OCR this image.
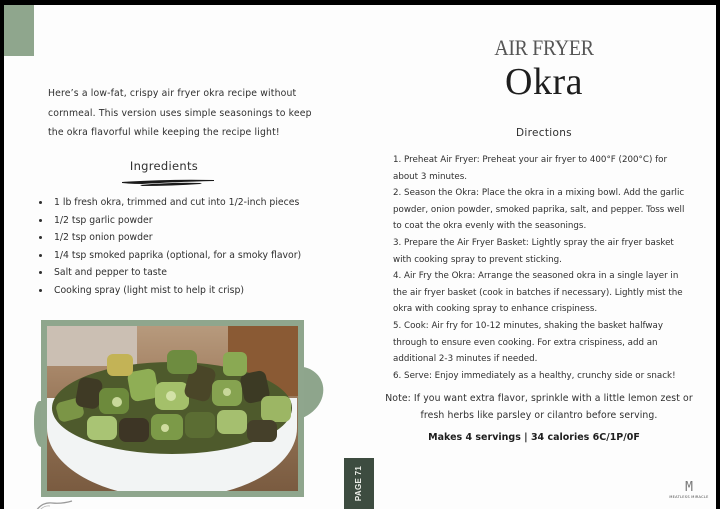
Here’s a low-fat, crispy air fryer okra recipe without cornmeal. This version uses simple seasonings to keep the okra flavorful while keeping the recipe light!

Ingredients
1 lb fresh okra, trimmed and cut into 1/2-inch pieces
1/2 tsp garlic powder
1/2 tsp onion powder
1/4 tsp smoked paprika (optional, for a smoky flavor)
Salt and pepper to taste
Cooking spray (light mist to help it crisp)
PAGE 71
AIR FRYER
Okra
Directions

1. Preheat Air Fryer: Preheat your air fryer to 400°F (200°C) for about 3 minutes.

2. Season the Okra: Place the okra in a mixing bowl. Add the garlic powder, onion powder, smoked paprika, salt, and pepper. Toss well to coat the okra evenly with the seasonings.

3. Prepare the Air Fryer Basket: Lightly spray the air fryer basket with cooking spray to prevent sticking.

4. Air Fry the Okra: Arrange the seasoned okra in a single layer in the air fryer basket (cook in batches if necessary). Lightly mist the okra with cooking spray to enhance crispiness.

5. Cook: Air fry for 10-12 minutes, shaking the basket halfway through to ensure even cooking. For extra crispiness, add an additional 2-3 minutes if needed.

6. Serve: Enjoy immediately as a healthy, crunchy side or snack!

Note: If you want extra flavor, sprinkle with a little lemon zest or fresh herbs like parsley or cilantro before serving.

Makes 4 servings | 34 calories 6C/1P/0F
M
MEATLESS MIRACLE
